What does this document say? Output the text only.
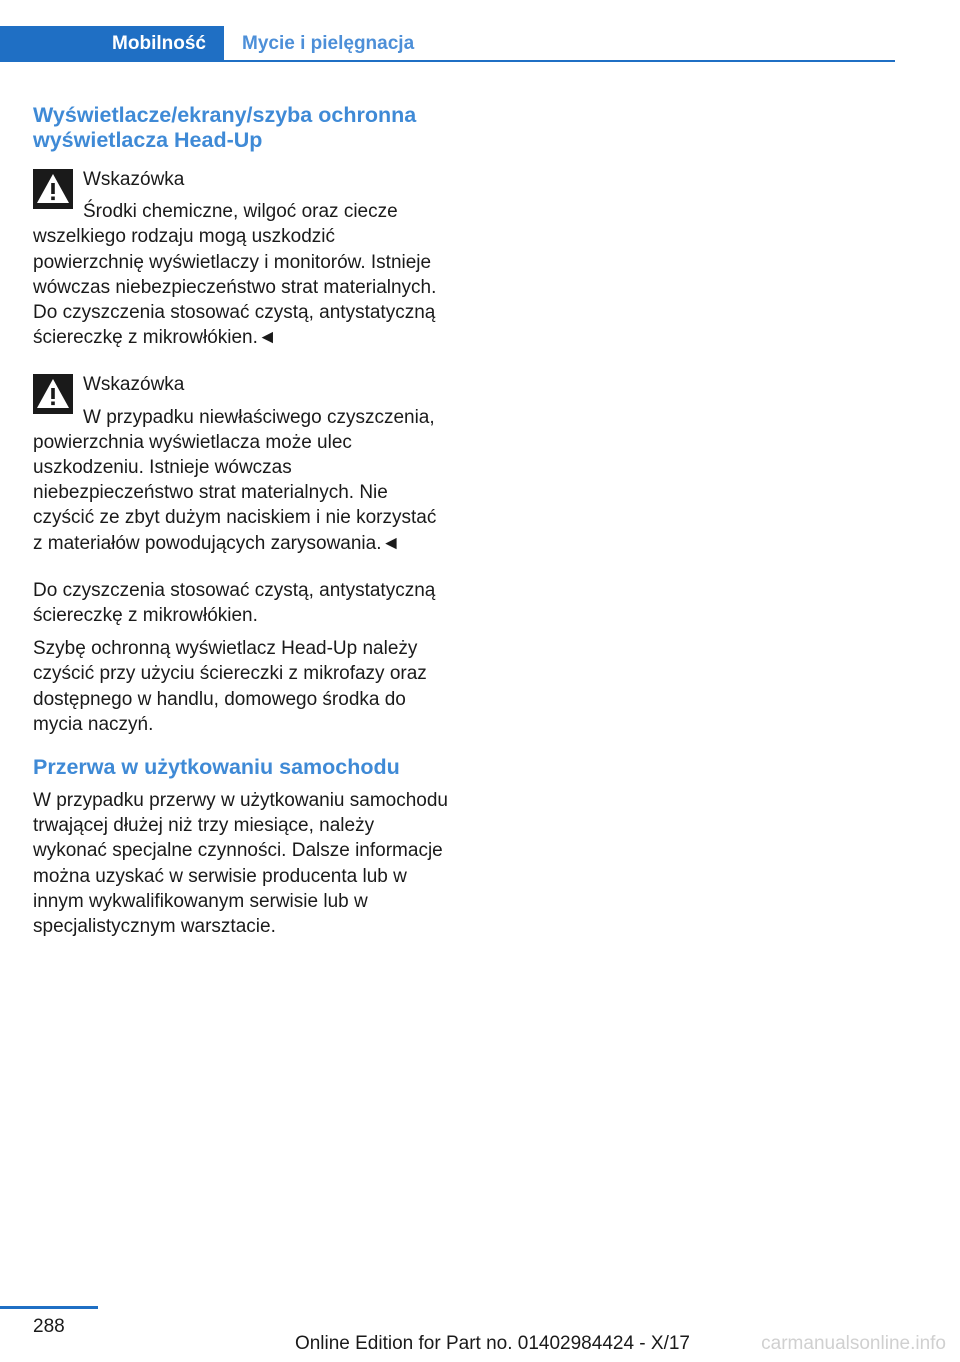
Mobilność	Mycie i pielęgnacja
Wyświetlacze/ekrany/szyba ochronna wyświetlacza Head-Up

Wskazówka

Środki chemiczne, wilgoć oraz ciecze wszelkiego rodzaju mogą uszkodzić powierzchnię wyświetlaczy i monitorów. Istnieje wówczas niebezpieczeństwo strat materialnych. Do czyszczenia stosować czystą, antystatyczną ściereczkę z mikrowłókien.◄

Wskazówka

W przypadku niewłaściwego czyszczenia, powierzchnia wyświetlacza może ulec uszkodzeniu. Istnieje wówczas niebezpieczeństwo strat materialnych. Nie czyścić ze zbyt dużym naciskiem i nie korzystać z materiałów powodujących zarysowania.◄

Do czyszczenia stosować czystą, antystatyczną ściereczkę z mikrowłókien.

Szybę ochronną wyświetlacz Head-Up należy czyścić przy użyciu ściereczki z mikrofazy oraz dostępnego w handlu, domowego środka do mycia naczyń.

Przerwa w użytkowaniu samochodu

W przypadku przerwy w użytkowaniu samochodu trwającej dłużej niż trzy miesiące, należy wykonać specjalne czynności. Dalsze informacje można uzyskać w serwisie producenta lub w innym wykwalifikowanym serwisie lub w specjalistycznym warsztacie.

288
Online Edition for Part no. 01402984424 - X/17	carmanualsonline.info
